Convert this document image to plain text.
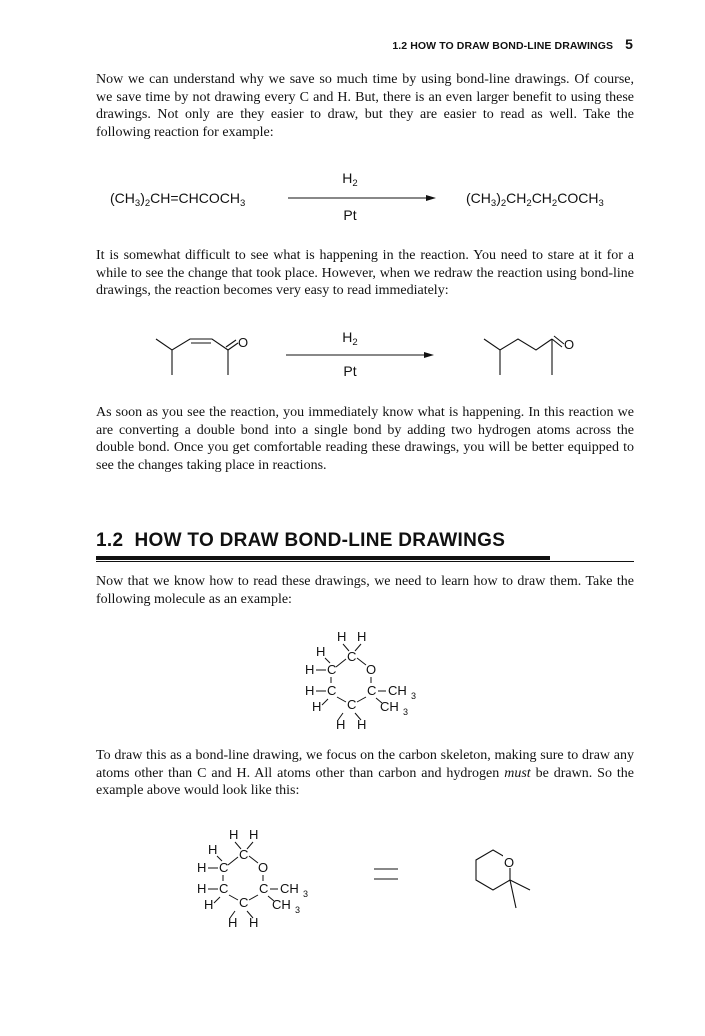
1.2 HOW TO DRAW BOND-LINE DRAWINGS 5

Now we can understand why we save so much time by using bond-line drawings. Of course, we save time by not drawing every C and H. But, there is an even larger benefit to using these drawings. Not only are they easier to draw, but they are easier to read as well. Take the following reaction for example:

$(CH_3)_2CH=CHCOCH_3$
$H_2$
Pt
$(CH_3)_2CH_2CH_2COCH_3$

It is somewhat difficult to see what is happening in the reaction. You need to stare at it for a while to see the change that took place. However, when we redraw the reaction using bond-line drawings, the reaction becomes very easy to read immediately:

O	$H_2$
Pt
O

As soon as you see the reaction, you immediately know what is happening. In this reaction we are converting a double bond into a single bond by adding two hydrogen atoms across the double bond. Once you get comfortable reading these drawings, you will be better equipped to see the changes taking place in reactions.

1.2 HOW TO DRAW BOND-LINE DRAWINGS

Now that we know how to read these drawings, we need to learn how to draw them. Take the following molecule as an example:

H H
C
H
C
H	O
C
H
H C
H H
C CH 3
CH 3

To draw this as a bond-line drawing, we focus on the carbon skeleton, making sure to draw any atoms other than C and H. All atoms other than carbon and hydrogen must be drawn. So the example above would look like this:

H H
C
H
C
H	O
C
H
H C
H H
C CH 3
CH 3
O
